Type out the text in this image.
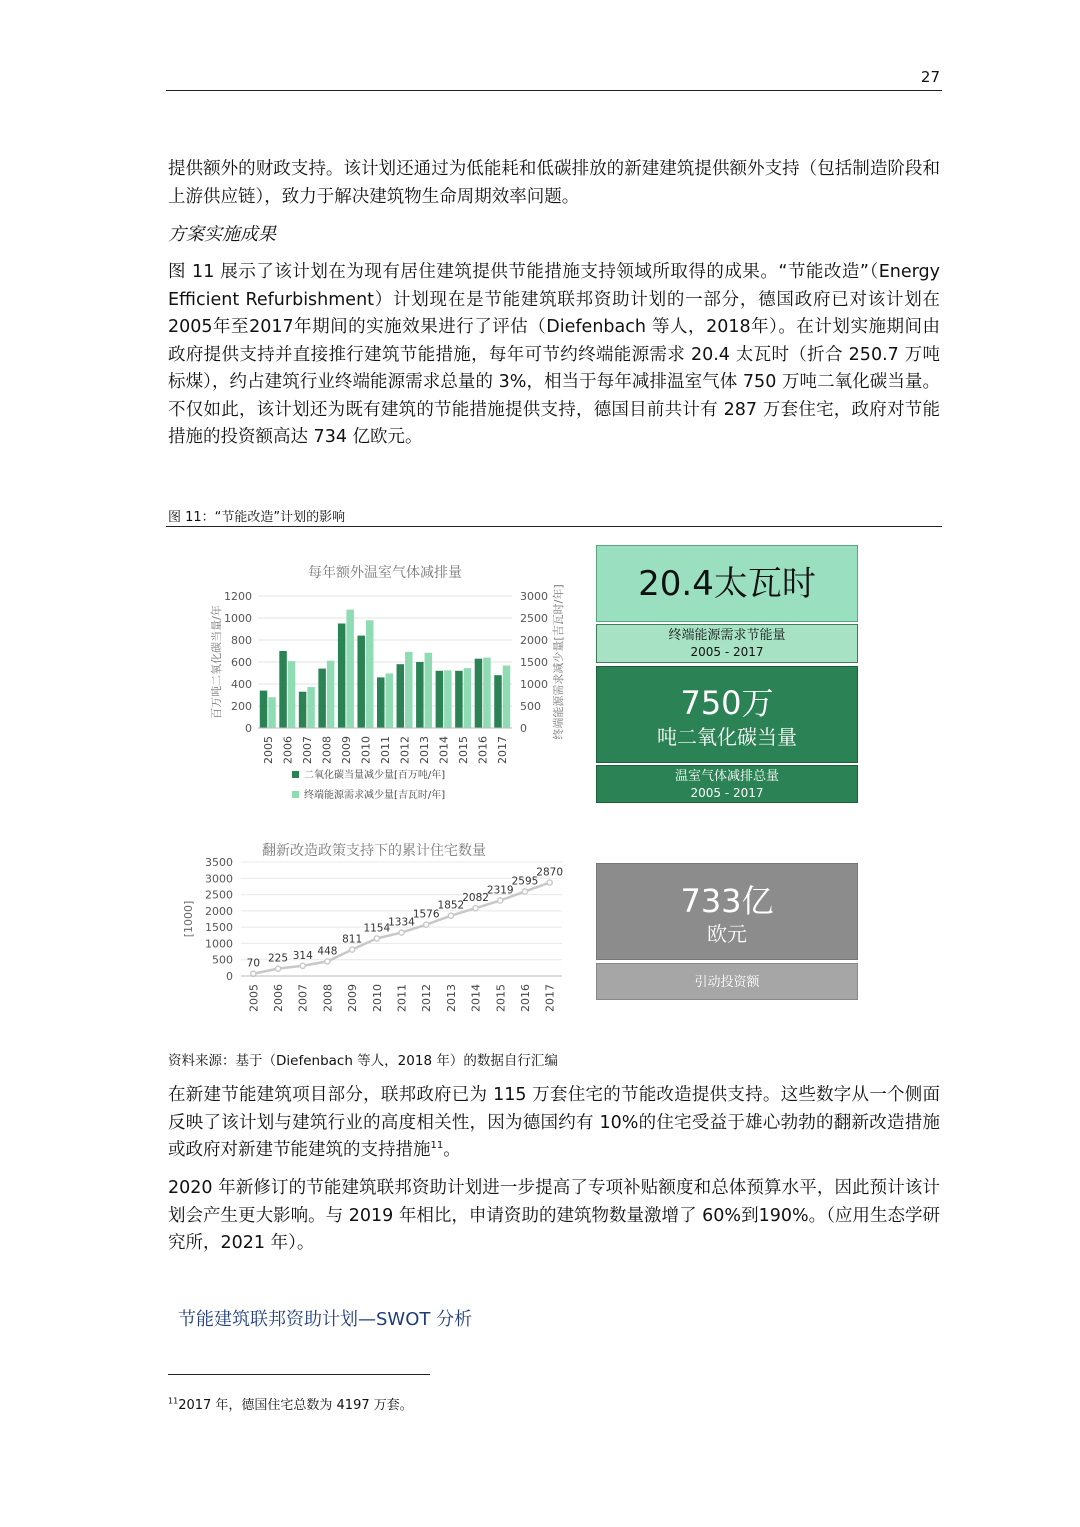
27

提供额外的财政支持。该计划还通过为低能耗和低碳排放的新建建筑提供额外支持（包括制造阶段和上游供应链），致力于解决建筑物生命周期效率问题。

方案实施成果

图 11 展示了该计划在为现有居住建筑提供节能措施支持领域所取得的成果。“节能改造”（Energy Efficient Refurbishment）计划现在是节能建筑联邦资助计划的一部分，德国政府已对该计划在2005年至2017年期间的实施效果进行了评估（Diefenbach 等人，2018年）。在计划实施期间由政府提供支持并直接推行建筑节能措施，每年可节约终端能源需求 20.4 太瓦时（折合 250.7 万吨标煤），约占建筑行业终端能源需求总量的 3%，相当于每年减排温室气体 750 万吨二氧化碳当量。不仅如此，该计划还为既有建筑的节能措施提供支持，德国目前共计有 287 万套住宅，政府对节能措施的投资额高达 734 亿欧元。

图 11：“节能改造”计划的影响
每年额外温室气体减排量
0
200
400
600
800
1000
1200
0
500
1000
1500
2000
2500
3000
百万吨二氧化碳当量/年	终端能源需求减少量[吉瓦时/年]
2005 2006 2007 2008 2009 2010 2011 2012 2013 2014 2015 2016 2017
二氧化碳当量减少量[百万吨/年]
终端能源需求减少量[吉瓦时/年]
翻新改造政策支持下的累计住宅数量
0
500
1000
1500
2000
2500
3000
3500
[1000]
70
2005
225
2006
314
2007
448
2008
811
2009
1154
2010
1334
2011
1576
2012
1852
2013
2082
2014
2319
2015
2595
2016
2870
2017
20.4太瓦时
终端能源需求节能量
2005 - 2017
750万
吨二氧化碳当量
温室气体减排总量
2005 - 2017
733亿
欧元
引动投资额
资料来源：基于（Diefenbach 等人，2018 年）的数据自行汇编

在新建节能建筑项目部分，联邦政府已为 115 万套住宅的节能改造提供支持。这些数字从一个侧面反映了该计划与建筑行业的高度相关性，因为德国约有 10%的住宅受益于雄心勃勃的翻新改造措施或政府对新建节能建筑的支持措施$^{11}$。

2020 年新修订的节能建筑联邦资助计划进一步提高了专项补贴额度和总体预算水平，因此预计该计划会产生更大影响。与 2019 年相比，申请资助的建筑物数量激增了 60%到190%。（应用生态学研究所，2021 年）。

节能建筑联邦资助计划—SWOT 分析
$^{11}$2017 年，德国住宅总数为 4197 万套。
